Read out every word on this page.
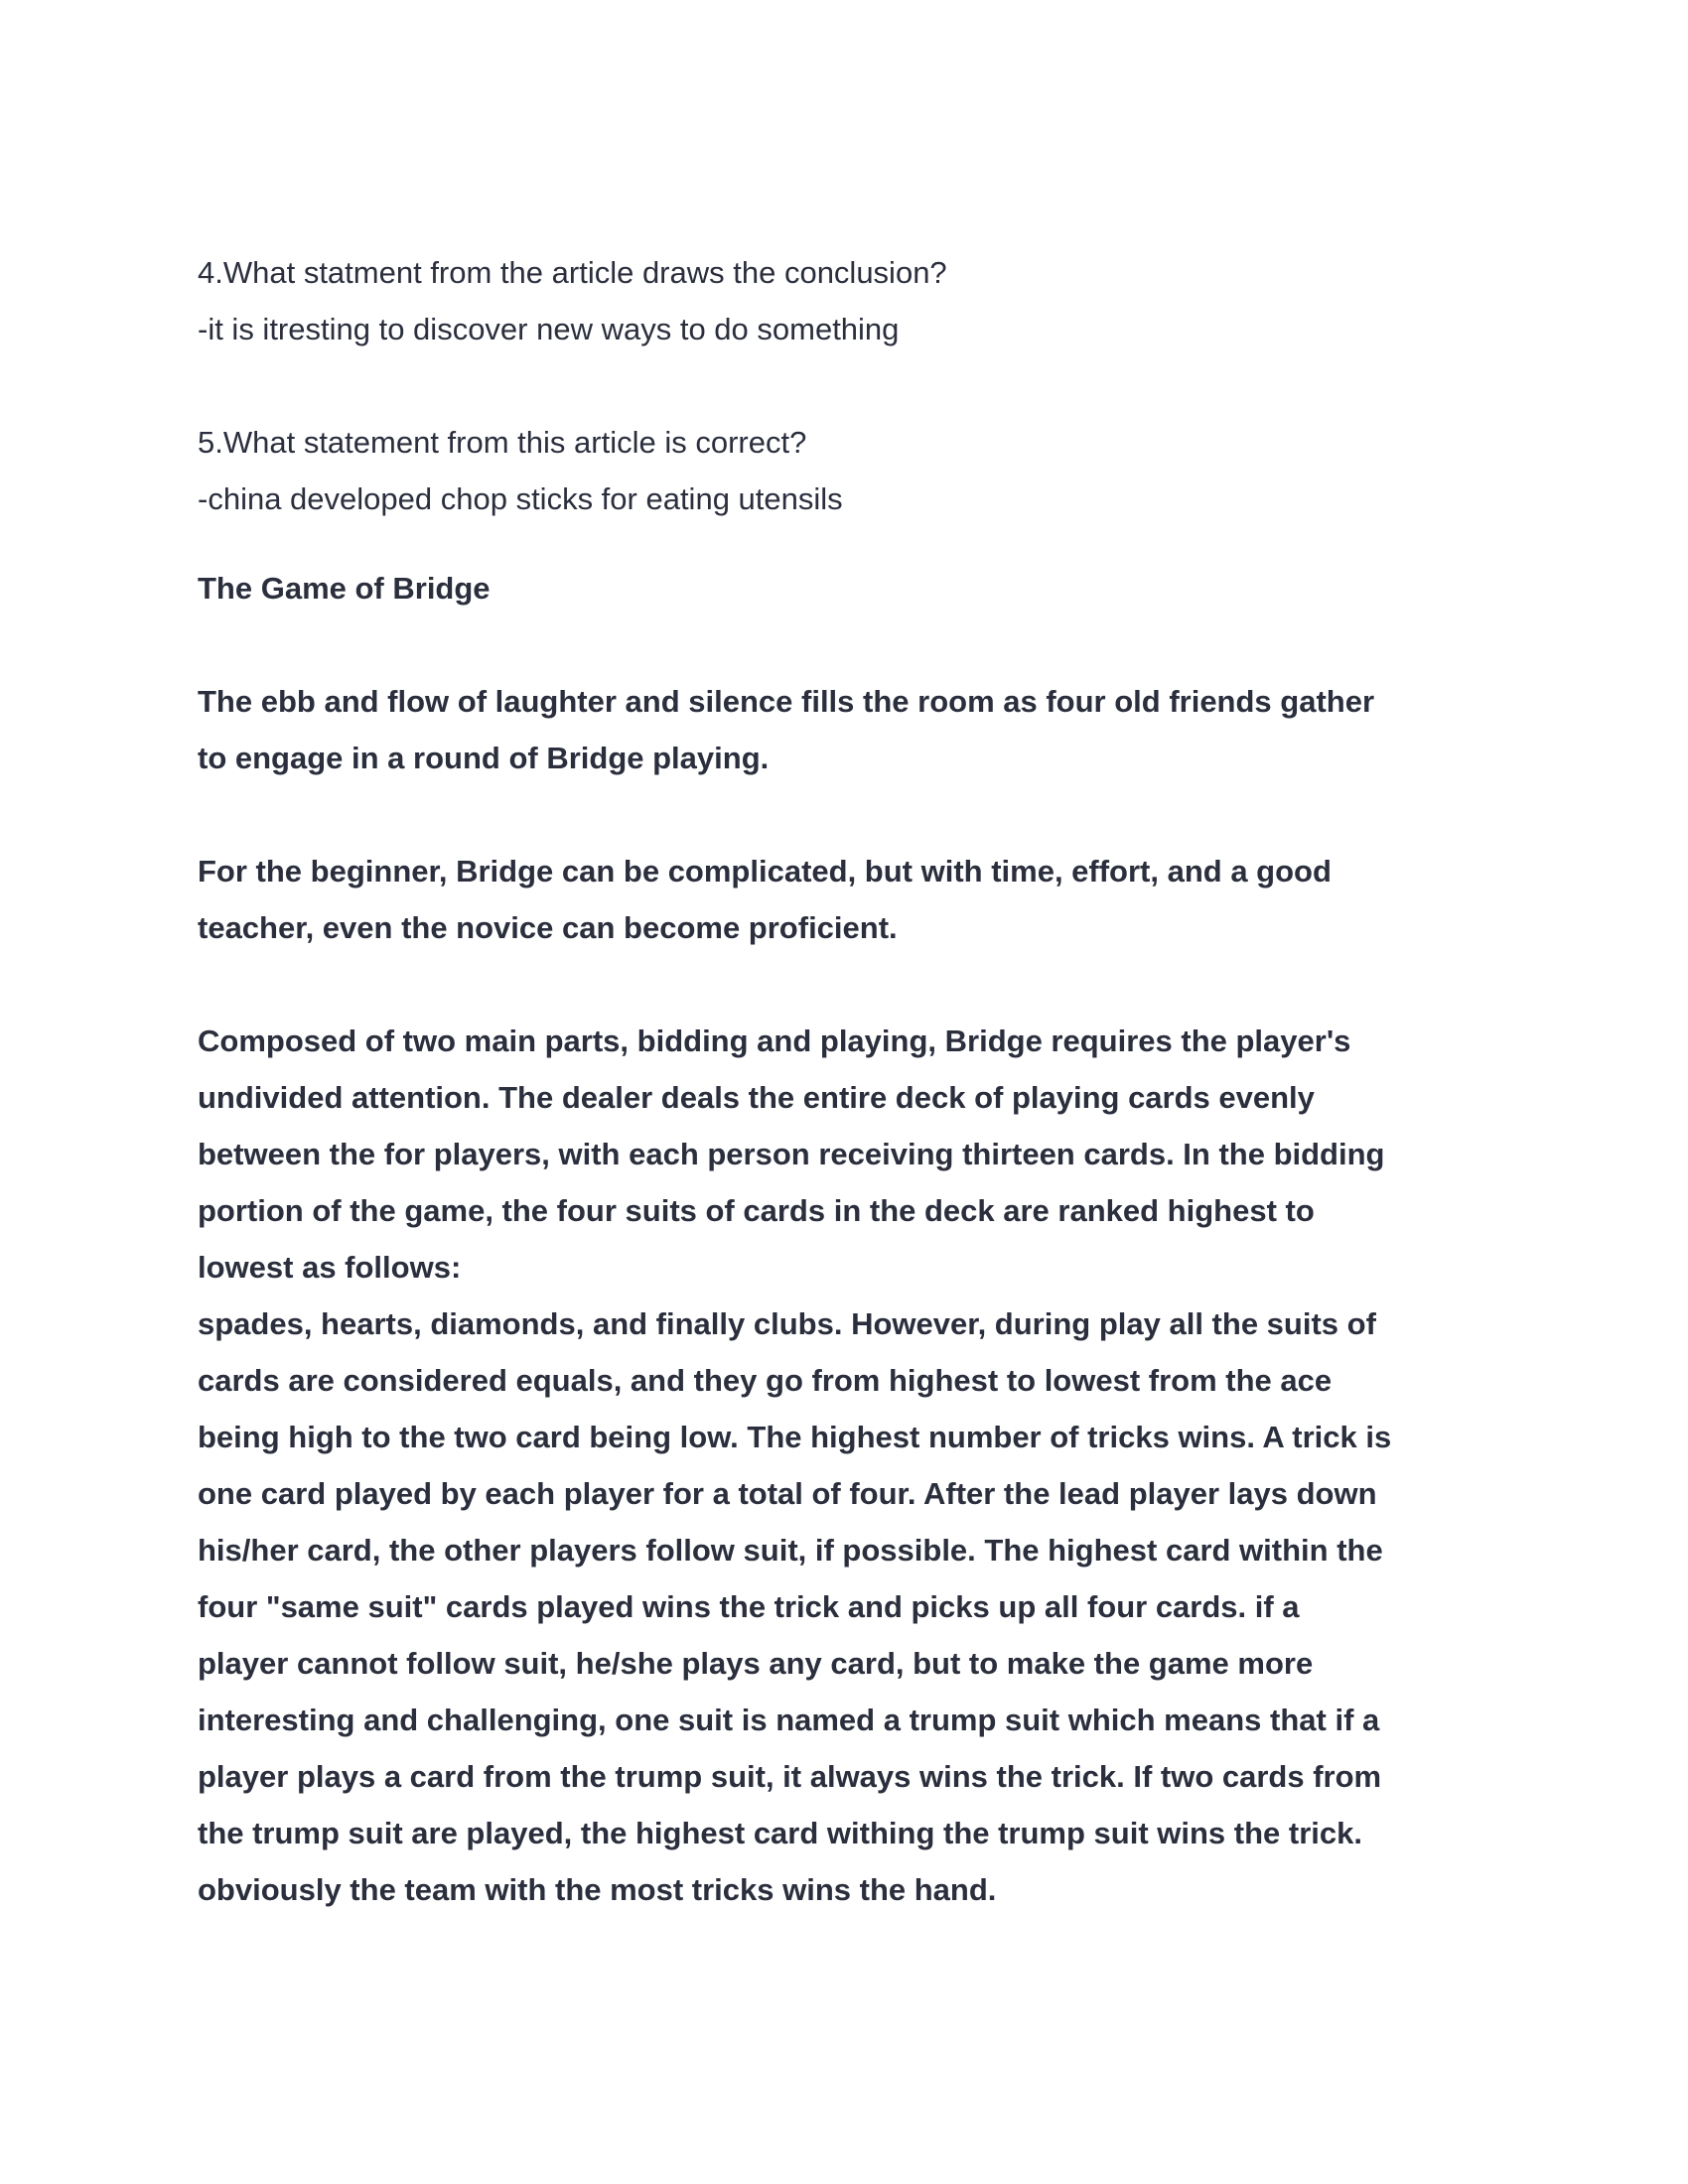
4.What statment from the article draws the conclusion?
-it is itresting to discover new ways to do something
5.What statement from this article is correct?
-china developed chop sticks for eating utensils
The Game of Bridge
The ebb and flow of laughter and silence fills the room as four old friends gather
to engage in a round of Bridge playing.
For the beginner, Bridge can be complicated, but with time, effort, and a good
teacher, even the novice can become proficient.
Composed of two main parts, bidding and playing, Bridge requires the player's
undivided attention. The dealer deals the entire deck of playing cards evenly
between the for players, with each person receiving thirteen cards. In the bidding
portion of the game, the four suits of cards in the deck are ranked highest to
lowest as follows:
spades, hearts, diamonds, and finally clubs. However, during play all the suits of
cards are considered equals, and they go from highest to lowest from the ace
being high to the two card being low. The highest number of tricks wins. A trick is
one card played by each player for a total of four. After the lead player lays down
his/her card, the other players follow suit, if possible. The highest card within the
four "same suit" cards played wins the trick and picks up all four cards. if a
player cannot follow suit, he/she plays any card, but to make the game more
interesting and challenging, one suit is named a trump suit which means that if a
player plays a card from the trump suit, it always wins the trick. If two cards from
the trump suit are played, the highest card withing the trump suit wins the trick.
obviously the team with the most tricks wins the hand.
